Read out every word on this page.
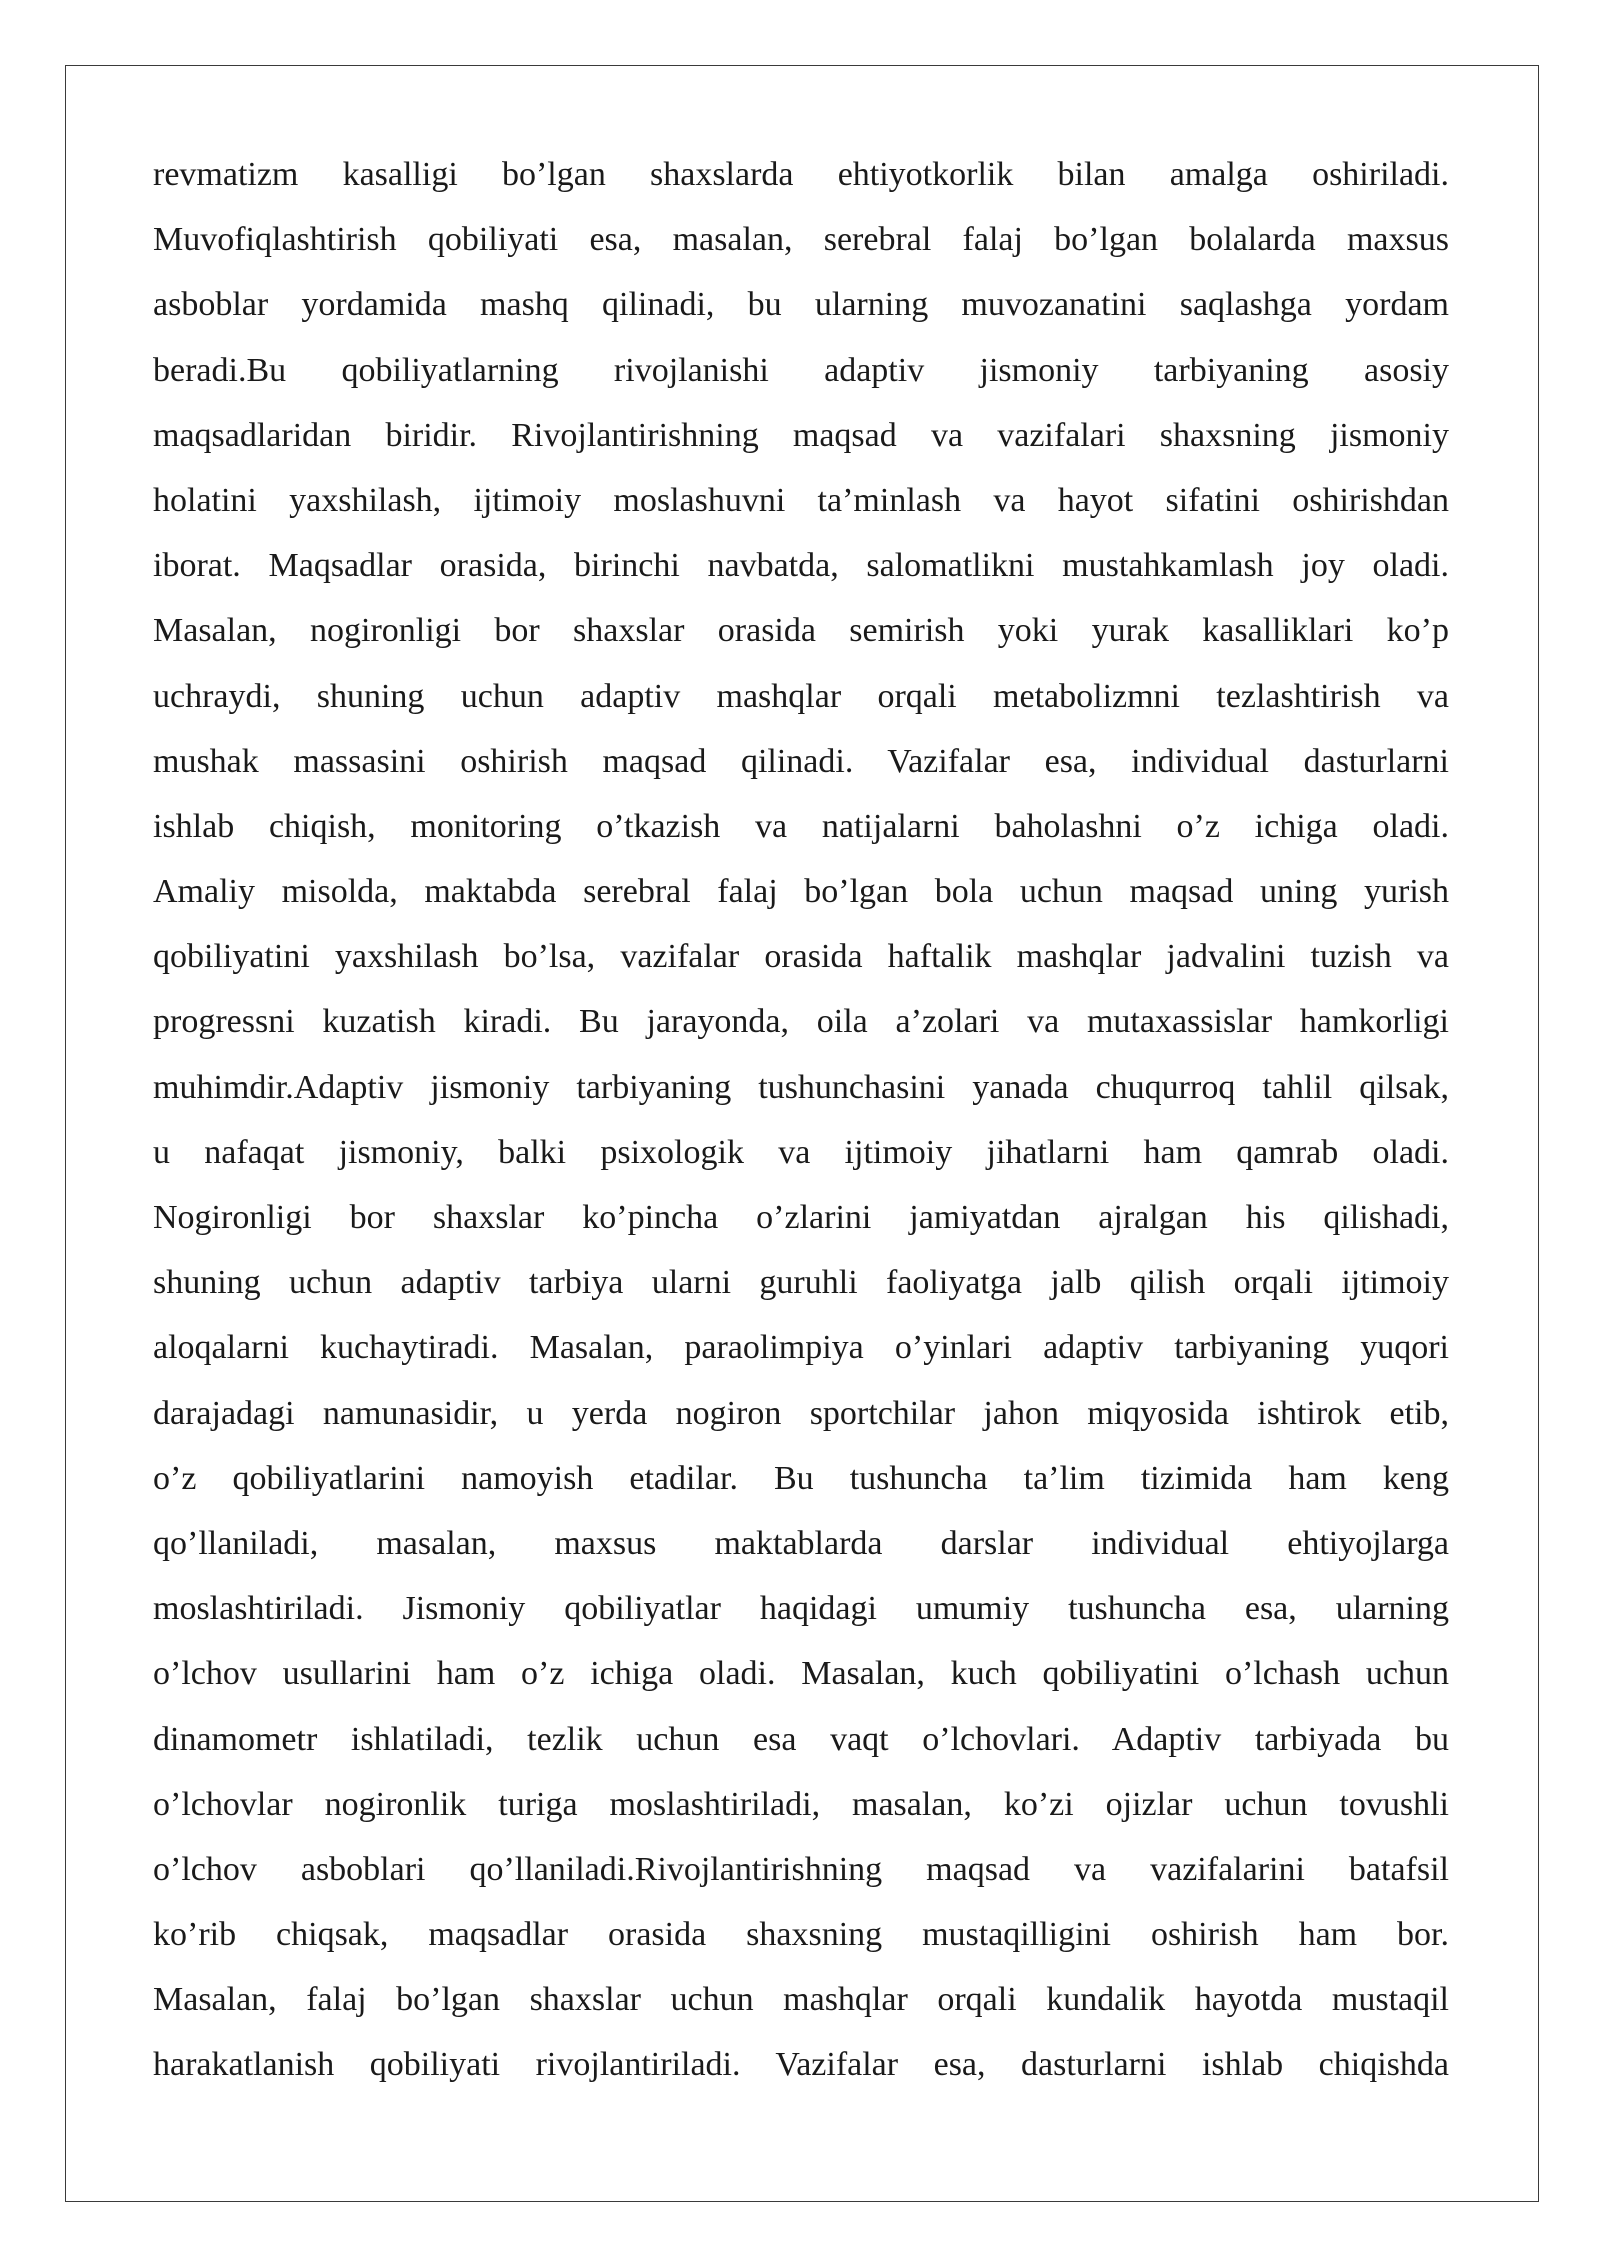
revmatizm kasalligi bo’lgan shaxslarda ehtiyotkorlik bilan amalga oshiriladi.
Muvofiqlashtirish qobiliyati esa, masalan, serebral falaj bo’lgan bolalarda maxsus
asboblar yordamida mashq qilinadi, bu ularning muvozanatini saqlashga yordam
beradi.Bu qobiliyatlarning rivojlanishi adaptiv jismoniy tarbiyaning asosiy
maqsadlaridan biridir. Rivojlantirishning maqsad va vazifalari shaxsning jismoniy
holatini yaxshilash, ijtimoiy moslashuvni ta’minlash va hayot sifatini oshirishdan
iborat. Maqsadlar orasida, birinchi navbatda, salomatlikni mustahkamlash joy oladi.
Masalan, nogironligi bor shaxslar orasida semirish yoki yurak kasalliklari ko’p
uchraydi, shuning uchun adaptiv mashqlar orqali metabolizmni tezlashtirish va
mushak massasini oshirish maqsad qilinadi. Vazifalar esa, individual dasturlarni
ishlab chiqish, monitoring o’tkazish va natijalarni baholashni o’z ichiga oladi.
Amaliy misolda, maktabda serebral falaj bo’lgan bola uchun maqsad uning yurish
qobiliyatini yaxshilash bo’lsa, vazifalar orasida haftalik mashqlar jadvalini tuzish va
progressni kuzatish kiradi. Bu jarayonda, oila a’zolari va mutaxassislar hamkorligi
muhimdir.Adaptiv jismoniy tarbiyaning tushunchasini yanada chuqurroq tahlil qilsak,
u nafaqat jismoniy, balki psixologik va ijtimoiy jihatlarni ham qamrab oladi.
Nogironligi bor shaxslar ko’pincha o’zlarini jamiyatdan ajralgan his qilishadi,
shuning uchun adaptiv tarbiya ularni guruhli faoliyatga jalb qilish orqali ijtimoiy
aloqalarni kuchaytiradi. Masalan, paraolimpiya o’yinlari adaptiv tarbiyaning yuqori
darajadagi namunasidir, u yerda nogiron sportchilar jahon miqyosida ishtirok etib,
o’z qobiliyatlarini namoyish etadilar. Bu tushuncha ta’lim tizimida ham keng
qo’llaniladi, masalan, maxsus maktablarda darslar individual ehtiyojlarga
moslashtiriladi. Jismoniy qobiliyatlar haqidagi umumiy tushuncha esa, ularning
o’lchov usullarini ham o’z ichiga oladi. Masalan, kuch qobiliyatini o’lchash uchun
dinamometr ishlatiladi, tezlik uchun esa vaqt o’lchovlari. Adaptiv tarbiyada bu
o’lchovlar nogironlik turiga moslashtiriladi, masalan, ko’zi ojizlar uchun tovushli
o’lchov asboblari qo’llaniladi.Rivojlantirishning maqsad va vazifalarini batafsil
ko’rib chiqsak, maqsadlar orasida shaxsning mustaqilligini oshirish ham bor.
Masalan, falaj bo’lgan shaxslar uchun mashqlar orqali kundalik hayotda mustaqil
harakatlanish qobiliyati rivojlantiriladi. Vazifalar esa, dasturlarni ishlab chiqishda
